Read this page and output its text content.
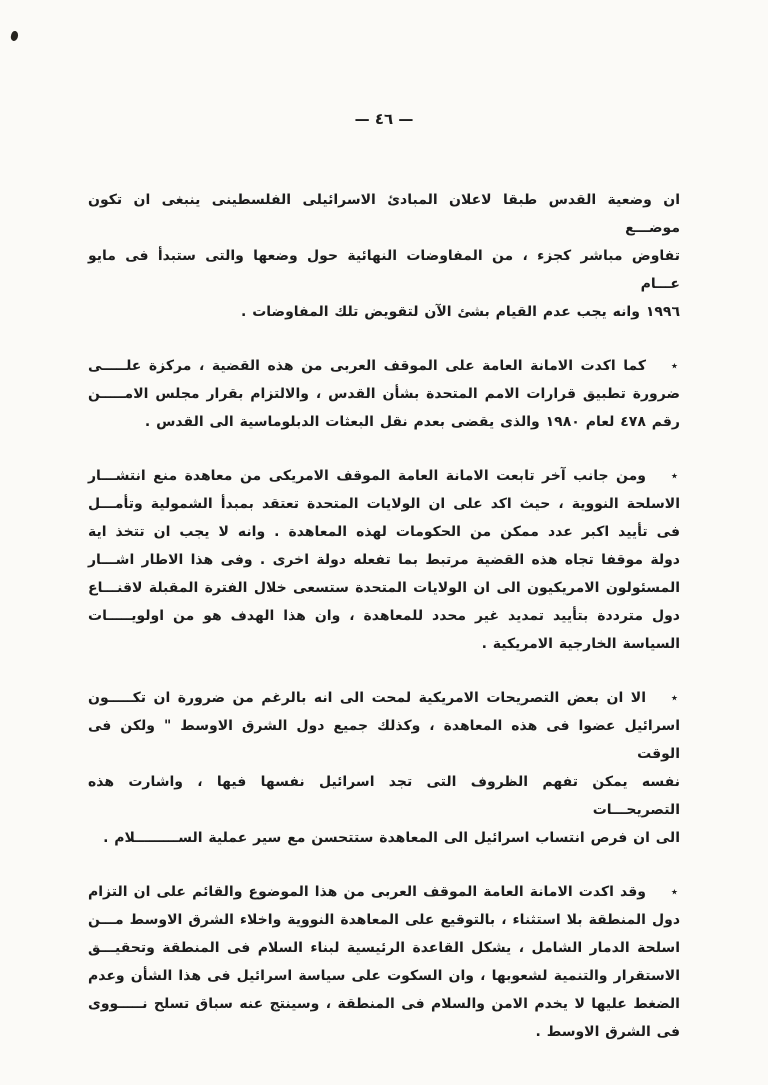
— ٤٦ —
ان وضعية القدس طبقا لاعلان المبادئ الاسرائيلى الفلسطينى ينبغى ان تكون موضـــع
تفاوض مباشر كجزء ، من المفاوضات النهائية حول وضعها والتى ستبدأ فى مايو عـــام
١٩٩٦ وانه يجب عدم القيام بشئ الآن لتقويض تلك المفاوضات .
٭
كما اكدت الامانة العامة على الموقف العربى من هذه القضية ، مركزة علـــــى
ضرورة تطبيق قرارات الامم المتحدة بشأن القدس ، والالتزام بقرار مجلس الامـــــن
رقم ٤٧٨ لعام ١٩٨٠ والذى يقضى بعدم نقل البعثات الدبلوماسية الى القدس .
٭
ومن جانب آخر تابعت الامانة العامة الموقف الامريكى من معاهدة منع انتشـــار
الاسلحة النووية ، حيث اكد على ان الولايات المتحدة تعتقد بمبدأ الشمولية وتأمـــل
فى تأييد اكبر عدد ممكن من الحكومات لهذه المعاهدة . وانه لا يجب ان تتخذ اية
دولة موقفا تجاه هذه القضية مرتبط بما تفعله دولة اخرى . وفى هذا الاطار اشـــار
المسئولون الامريكيون الى ان الولايات المتحدة ستسعى خلال الفترة المقبلة لاقنـــاع
دول مترددة بتأييد تمديد غير محدد للمعاهدة ، وان هذا الهدف هو من اولويـــــات
السياسة الخارجية الامريكية .
٭
الا ان بعض التصريحات الامريكية لمحت الى انه بالرغم من ضرورة ان تكـــــون
اسرائيل عضوا فى هذه المعاهدة ، وكذلك جميع دول الشرق الاوسط " ولكن فى الوقت
نفسه يمكن تفهم الظروف التى تجد اسرائيل نفسها فيها ، واشارت هذه التصريحـــات
الى ان فرص انتساب اسرائيل الى المعاهدة ستتحسن مع سير عملية الســـــــــلام .
٭
وقد اكدت الامانة العامة الموقف العربى من هذا الموضوع والقائم على ان التزام
دول المنطقة بلا استثناء ، بالتوقيع على المعاهدة النووية واخلاء الشرق الاوسط مـــن
اسلحة الدمار الشامل ، يشكل القاعدة الرئيسية لبناء السلام فى المنطقة وتحقيـــق
الاستقرار والتنمية لشعوبها ، وان السكوت على سياسة اسرائيل فى هذا الشأن وعدم
الضغط عليها لا يخدم الامن والسلام فى المنطقة ، وسينتج عنه سباق تسلح نـــــووى
فى الشرق الاوسط .
